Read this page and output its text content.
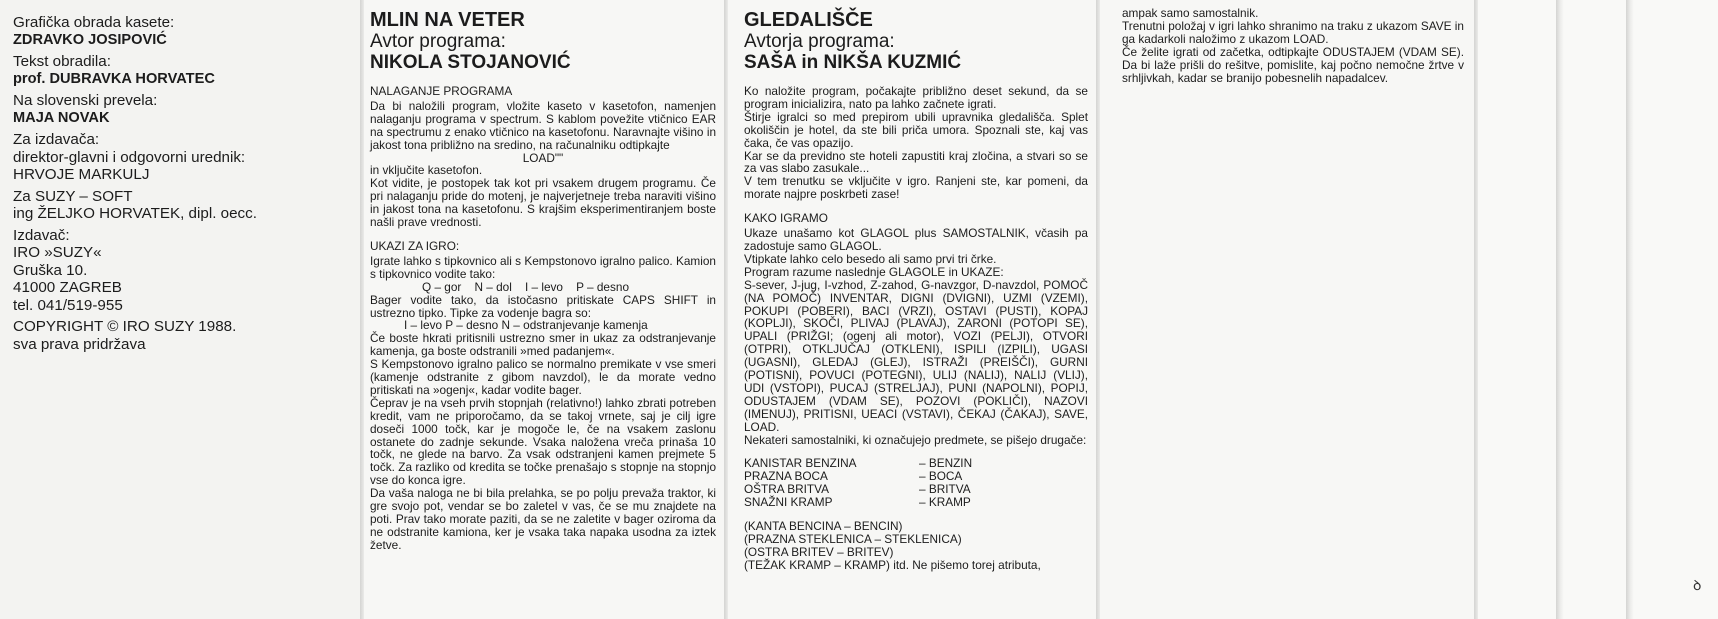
Grafička obrada kasete:
ZDRAVKO JOSIPOVIĆ

Tekst obradila:
prof. DUBRAVKA HORVATEC

Na slovenski prevela:
MAJA NOVAK

Za izdavača:
direktor-glavni i odgovorni urednik:
HRVOJE MARKULJ

Za SUZY – SOFT
ing ŽELJKO HORVATEK, dipl. oecc.

Izdavač:
IRO »SUZY«
Gruška 10.
41000 ZAGREB
tel. 041/519-955

COPYRIGHT © IRO SUZY 1988.
sva prava pridržava

MLIN NA VETER
Avtor programa:
NIKOLA STOJANOVIĆ
NALAGANJE PROGRAMA

Da bi naložili program, vložite kaseto v kasetofon, namenjen nalaganju programa v spectrum. S kablom povežite vtičnico EAR na spectrumu z enako vtičnico na kasetofonu. Naravnajte višino in jakost tona približno na sredino, na računalniku odtipkajte

LOAD""

in vključite kasetofon.

Kot vidite, je postopek tak kot pri vsakem drugem programu. Če pri nalaganju pride do motenj, je najverjetneje treba naraviti višino in jakost tona na kasetofonu. S krajšim eksperimentiranjem boste našli prave vrednosti.

UKAZI ZA IGRO:

Igrate lahko s tipkovnico ali s Kempstonovo igralno palico. Kamion s tipkovnico vodite tako:

Q – gor    N – dol    I – levo    P – desno

Bager vodite tako, da istočasno pritiskate CAPS SHIFT in ustrezno tipko. Tipke za vodenje bagra so:

I – levo P – desno N – odstranjevanje kamenja

Če boste hkrati pritisnili ustrezno smer in ukaz za odstranjevanje kamenja, ga boste odstranili »med padanjem«.

S Kempstonovo igralno palico se normalno premikate v vse smeri (kamenje odstranite z gibom navzdol), le da morate vedno pritiskati na »ogenj«, kadar vodite bager.

Čeprav je na vseh prvih stopnjah (relativno!) lahko zbrati potreben kredit, vam ne priporočamo, da se takoj vrnete, saj je cilj igre doseči 1000 točk, kar je mogoče le, če na vsakem zaslonu ostanete do zadnje sekunde. Vsaka naložena vreča prinaša 10 točk, ne glede na barvo. Za vsak odstranjeni kamen prejmete 5 točk. Za razliko od kredita se točke prenašajo s stopnje na stopnjo vse do konca igre.

Da vaša naloga ne bi bila prelahka, se po polju prevaža traktor, ki gre svojo pot, vendar se bo zaletel v vas, če se mu znajdete na poti. Prav tako morate paziti, da se ne zaletite v bager oziroma da ne odstranite kamiona, ker je vsaka taka napaka usodna za iztek žetve.

GLEDALIŠČE
Avtorja programa:
SAŠA in NIKŠA KUZMIĆ

Ko naložite program, počakajte približno deset sekund, da se program inicializira, nato pa lahko začnete igrati.

Štirje igralci so med prepirom ubili upravnika gledališča. Splet okoliščin je hotel, da ste bili priča umora. Spoznali ste, kaj vas čaka, če vas opazijo.

Kar se da previdno ste hoteli zapustiti kraj zločina, a stvari so se za vas slabo zasukale...

V tem trenutku se vključite v igro. Ranjeni ste, kar pomeni, da morate najpre poskrbeti zase!

KAKO IGRAMO

Ukaze unašamo kot GLAGOL plus SAMOSTALNIK, včasih pa zadostuje samo GLAGOL.

Vtipkate lahko celo besedo ali samo prvi tri črke.

Program razume naslednje GLAGOLE in UKAZE:

S-sever, J-jug, I-vzhod, Z-zahod, G-navzgor, D-navzdol, POMOČ (NA POMOČ) INVENTAR, DIGNI (DVIGNI), UZMI (VZEMI), POKUPI (POBERI), BACI (VRZI), OSTAVI (PUSTI), KOPAJ (KOPLJI), SKOČI, PLIVAJ (PLAVAJ), ZARONI (POTOPI SE), UPALI (PRIŽGI; (ogenj ali motor), VOZI (PELJI), OTVORI (OTPRI), OTKLJUČAJ (OTKLENI), ISPILI (IZPILI), UGASI (UGASNI), GLEDAJ (GLEJ), ISTRAŽI (PREIŠČI), GURNI (POTISNI), POVUCI (POTEGNI), ULIJ (NALIJ), NALIJ (VLIJ), UDI (VSTOPI), PUCAJ (STRELJAJ), PUNI (NAPOLNI), POPIJ, ODUSTAJEM (VDAM SE), POZOVI (POKLIČI), NAZOVI (IMENUJ), PRITISNI, UEACI (VSTAVI), ČEKAJ (ČAKAJ), SAVE, LOAD.

Nekateri samostalniki, ki označujejo predmete, se pišejo drugače:

KANISTAR BENZINA	– BENZIN
PRAZNA BOCA	– BOCA
OŠTRA BRITVA	– BRITVA
SNAŽNI KRAMP	– KRAMP
(KANTA BENCINA – BENCIN)
(PRAZNA STEKLENICA – STEKLENICA)
(OSTRA BRITEV – BRITEV)
(TEŽAK KRAMP – KRAMP) itd. Ne pišemo torej atributa,

ampak samo samostalnik.

Trenutni položaj v igri lahko shranimo na traku z ukazom SAVE in ga kadarkoli naložimo z ukazom LOAD.

Če želite igrati od začetka, odtipkajte ODUSTAJEM (VDAM SE). Da bi laže prišli do rešitve, pomislite, kaj počno nemočne žrtve v srhljivkah, kadar se branijo pobesnelih napadalcev.

ꝺ
